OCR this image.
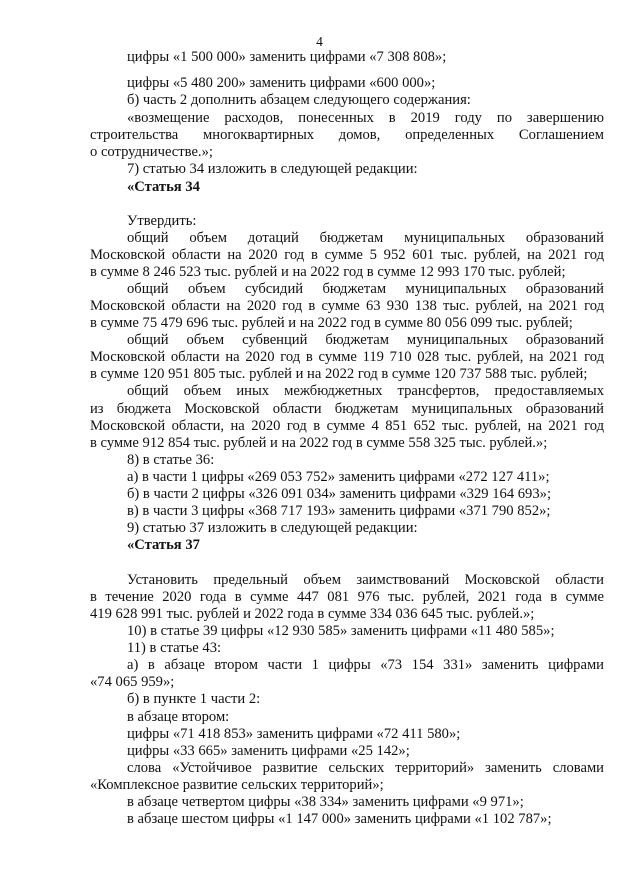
4
цифры «1 500 000» заменить цифрами «7 308 808»;
цифры «5 480 200» заменить цифрами «600 000»;
б) часть 2 дополнить абзацем следующего содержания:
«возмещение расходов, понесенных в 2019 году по завершению
строительства многоквартирных домов, определенных Соглашением
о сотрудничестве.»;
7) статью 34 изложить в следующей редакции:
«Статья 34
Утвердить:
общий объем дотаций бюджетам муниципальных образований
Московской области на 2020 год в сумме 5 952 601 тыс. рублей, на 2021 год
в сумме 8 246 523 тыс. рублей и на 2022 год в сумме 12 993 170 тыс. рублей;
общий объем субсидий бюджетам муниципальных образований
Московской области на 2020 год в сумме 63 930 138 тыс. рублей, на 2021 год
в сумме 75 479 696 тыс. рублей и на 2022 год в сумме 80 056 099 тыс. рублей;
общий объем субвенций бюджетам муниципальных образований
Московской области на 2020 год в сумме 119 710 028 тыс. рублей, на 2021 год
в сумме 120 951 805 тыс. рублей и на 2022 год в сумме 120 737 588 тыс. рублей;
общий объем иных межбюджетных трансфертов, предоставляемых
из бюджета Московской области бюджетам муниципальных образований
Московской области, на 2020 год в сумме 4 851 652 тыс. рублей, на 2021 год
в сумме 912 854 тыс. рублей и на 2022 год в сумме 558 325 тыс. рублей.»;
8) в статье 36:
а) в части 1 цифры «269 053 752» заменить цифрами «272 127 411»;
б) в части 2 цифры «326 091 034» заменить цифрами «329 164 693»;
в) в части 3 цифры «368 717 193» заменить цифрами «371 790 852»;
9) статью 37 изложить в следующей редакции:
«Статья 37
Установить предельный объем заимствований Московской области
в течение 2020 года в сумме 447 081 976 тыс. рублей, 2021 года в сумме
419 628 991 тыс. рублей и 2022 года в сумме 334 036 645 тыс. рублей.»;
10) в статье 39 цифры «12 930 585» заменить цифрами «11 480 585»;
11) в статье 43:
а) в абзаце втором части 1 цифры «73 154 331» заменить цифрами
«74 065 959»;
б) в пункте 1 части 2:
в абзаце втором:
цифры «71 418 853» заменить цифрами «72 411 580»;
цифры «33 665» заменить цифрами «25 142»;
слова «Устойчивое развитие сельских территорий» заменить словами
«Комплексное развитие сельских территорий»;
в абзаце четвертом цифры «38 334» заменить цифрами «9 971»;
в абзаце шестом цифры «1 147 000» заменить цифрами «1 102 787»;
